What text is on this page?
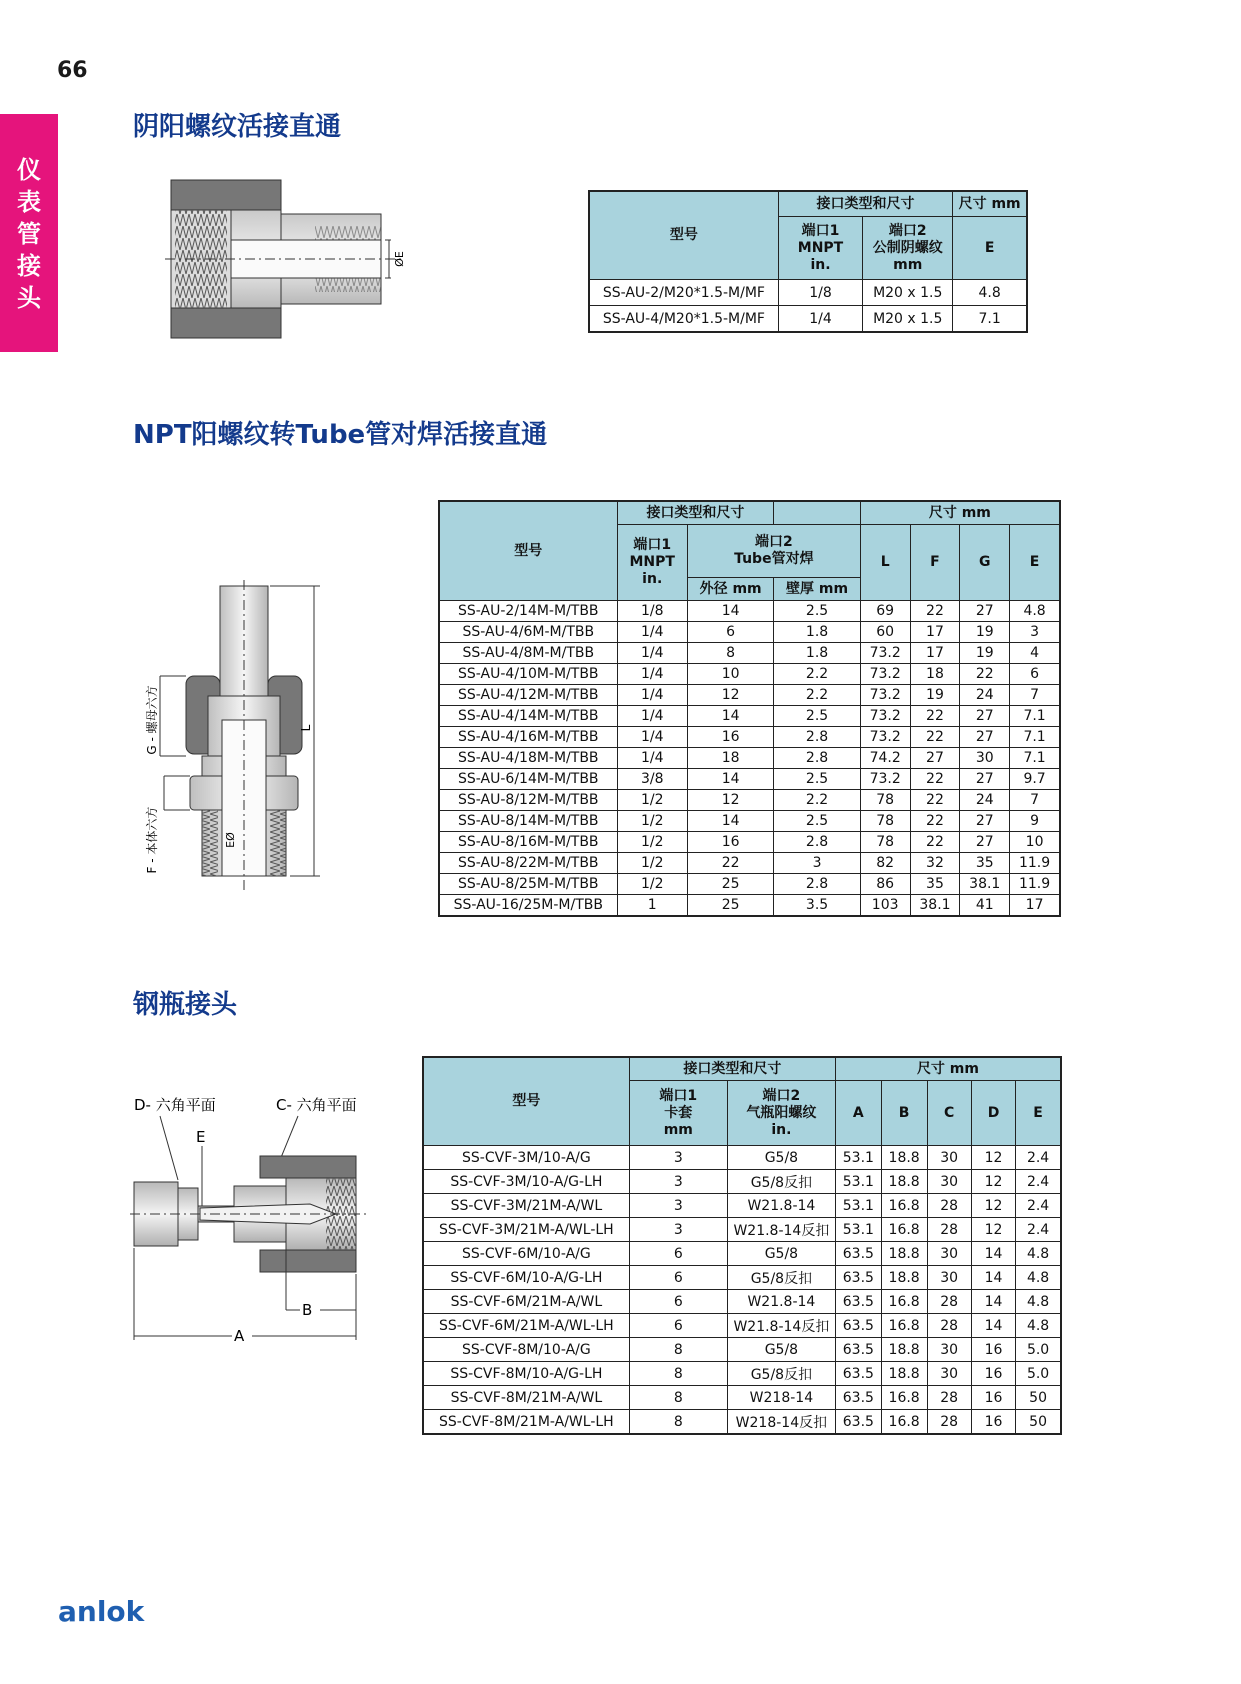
66
仪
表
管
接
头
阴阳螺纹活接直通
ØE
型号	接口类型和尺寸		尺寸 mm
	端口1
MNPT
in.	端口2
公制阴螺纹
mm	E
SS-AU-2/M20*1.5-M/MF	1/8	M20 x 1.5	4.8
SS-AU-4/M20*1.5-M/MF	1/4	M20 x 1.5	7.1
NPT阳螺纹转Tube管对焊活接直通
L
EØ
G - 螺母六方
F - 本体六方
型号	接口类型和尺寸			尺寸 mm			
	端口1
MNPT
in.	端口2
Tube管对焊		L	F	G	E
		外径 mm	壁厚 mm				
SS-AU-2/14M-M/TBB	1/8	14	2.5	69	22	27	4.8
SS-AU-4/6M-M/TBB	1/4	6	1.8	60	17	19	3
SS-AU-4/8M-M/TBB	1/4	8	1.8	73.2	17	19	4
SS-AU-4/10M-M/TBB	1/4	10	2.2	73.2	18	22	6
SS-AU-4/12M-M/TBB	1/4	12	2.2	73.2	19	24	7
SS-AU-4/14M-M/TBB	1/4	14	2.5	73.2	22	27	7.1
SS-AU-4/16M-M/TBB	1/4	16	2.8	73.2	22	27	7.1
SS-AU-4/18M-M/TBB	1/4	18	2.8	74.2	27	30	7.1
SS-AU-6/14M-M/TBB	3/8	14	2.5	73.2	22	27	9.7
SS-AU-8/12M-M/TBB	1/2	12	2.2	78	22	24	7
SS-AU-8/14M-M/TBB	1/2	14	2.5	78	22	27	9
SS-AU-8/16M-M/TBB	1/2	16	2.8	78	22	27	10
SS-AU-8/22M-M/TBB	1/2	22	3	82	32	35	11.9
SS-AU-8/25M-M/TBB	1/2	25	2.8	86	35	38.1	11.9
SS-AU-16/25M-M/TBB	1	25	3.5	103	38.1	41	17
钢瓶接头
D- 六角平面	C- 六角平面
E
B
A
型号	接口类型和尺寸		尺寸 mm				
	端口1
卡套
mm	端口2
气瓶阳螺纹
in.	A	B	C	D	E
SS-CVF-3M/10-A/G	3	G5/8	53.1	18.8	30	12	2.4
SS-CVF-3M/10-A/G-LH	3	G5/8反扣	53.1	18.8	30	12	2.4
SS-CVF-3M/21M-A/WL	3	W21.8-14	53.1	16.8	28	12	2.4
SS-CVF-3M/21M-A/WL-LH	3	W21.8-14反扣	53.1	16.8	28	12	2.4
SS-CVF-6M/10-A/G	6	G5/8	63.5	18.8	30	14	4.8
SS-CVF-6M/10-A/G-LH	6	G5/8反扣	63.5	18.8	30	14	4.8
SS-CVF-6M/21M-A/WL	6	W21.8-14	63.5	16.8	28	14	4.8
SS-CVF-6M/21M-A/WL-LH	6	W21.8-14反扣	63.5	16.8	28	14	4.8
SS-CVF-8M/10-A/G	8	G5/8	63.5	18.8	30	16	5.0
SS-CVF-8M/10-A/G-LH	8	G5/8反扣	63.5	18.8	30	16	5.0
SS-CVF-8M/21M-A/WL	8	W218-14	63.5	16.8	28	16	50
SS-CVF-8M/21M-A/WL-LH	8	W218-14反扣	63.5	16.8	28	16	50
anlok
